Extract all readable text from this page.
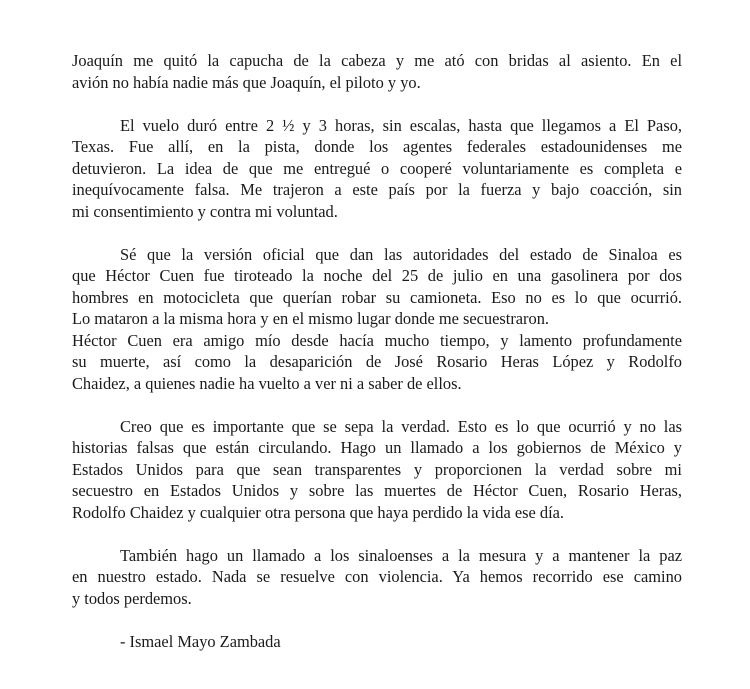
Joaquín me quitó la capucha de la cabeza y me ató con bridas al asiento. En el
avión no había nadie más que Joaquín, el piloto y yo.

El vuelo duró entre 2 ½ y 3 horas, sin escalas, hasta que llegamos a El Paso,
Texas. Fue allí, en la pista, donde los agentes federales estadounidenses me
detuvieron. La idea de que me entregué o cooperé voluntariamente es completa e
inequívocamente falsa. Me trajeron a este país por la fuerza y bajo coacción, sin
mi consentimiento y contra mi voluntad.

Sé que la versión oficial que dan las autoridades del estado de Sinaloa es
que Héctor Cuen fue tiroteado la noche del 25 de julio en una gasolinera por dos
hombres en motocicleta que querían robar su camioneta. Eso no es lo que ocurrió.
Lo mataron a la misma hora y en el mismo lugar donde me secuestraron.
Héctor Cuen era amigo mío desde hacía mucho tiempo, y lamento profundamente
su muerte, así como la desaparición de José Rosario Heras López y Rodolfo
Chaidez, a quienes nadie ha vuelto a ver ni a saber de ellos.

Creo que es importante que se sepa la verdad. Esto es lo que ocurrió y no las
historias falsas que están circulando. Hago un llamado a los gobiernos de México y
Estados Unidos para que sean transparentes y proporcionen la verdad sobre mi
secuestro en Estados Unidos y sobre las muertes de Héctor Cuen, Rosario Heras,
Rodolfo Chaidez y cualquier otra persona que haya perdido la vida ese día.

También hago un llamado a los sinaloenses a la mesura y a mantener la paz
en nuestro estado. Nada se resuelve con violencia. Ya hemos recorrido ese camino
y todos perdemos.

- Ismael Mayo Zambada
